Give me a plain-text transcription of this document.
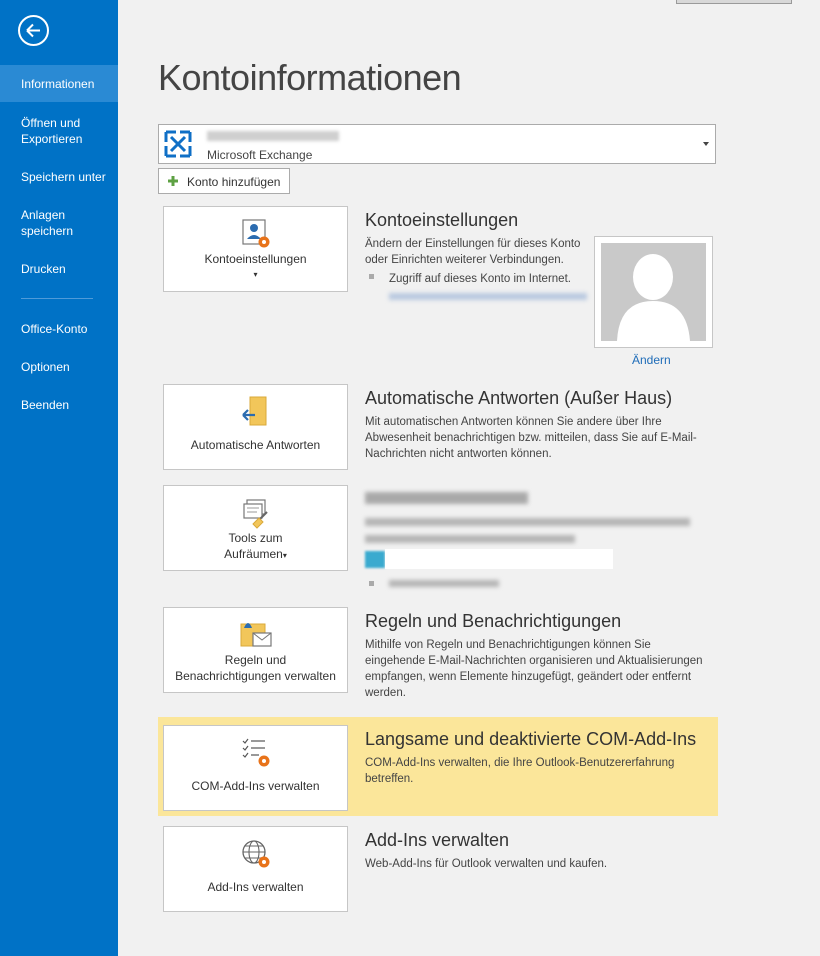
Informationen
Öffnen und Exportieren
Speichern unter
Anlagen speichern
Drucken
Office-Konto
Optionen
Beenden
Kontoinformationen
Microsoft Exchange
Konto hinzufügen
Kontoeinstellungen
▾
Kontoeinstellungen
Ändern der Einstellungen für dieses Konto oder Einrichten weiterer Verbindungen.
Zugriff auf dieses Konto im Internet.
Ändern
Automatische Antworten
Automatische Antworten (Außer Haus)
Mit automatischen Antworten können Sie andere über Ihre Abwesenheit benachrichtigen bzw. mitteilen, dass Sie auf E-Mail-Nachrichten nicht antworten können.
Tools zum
Aufräumen▾
Regeln und
Benachrichtigungen verwalten
Regeln und Benachrichtigungen
Mithilfe von Regeln und Benachrichtigungen können Sie eingehende E-Mail-Nachrichten organisieren und Aktualisierungen empfangen, wenn Elemente hinzugefügt, geändert oder entfernt werden.
COM-Add-Ins verwalten
Langsame und deaktivierte COM-Add-Ins
COM-Add-Ins verwalten, die Ihre Outlook-Benutzererfahrung betreffen.
Add-Ins verwalten
Add-Ins verwalten
Web-Add-Ins für Outlook verwalten und kaufen.
